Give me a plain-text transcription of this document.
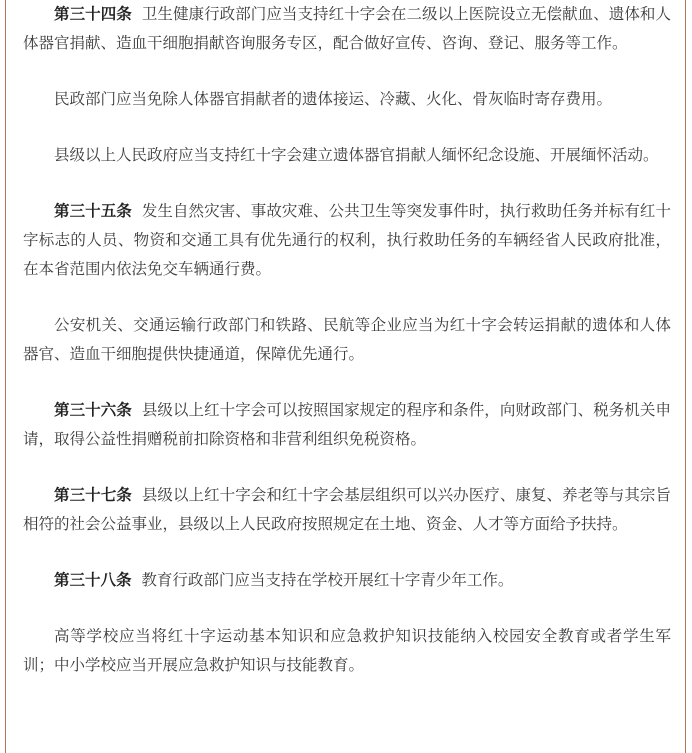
第三十四条 卫生健康行政部门应当支持红十字会在二级以上医院设立无偿献血、遗体和人体器官捐献、造血干细胞捐献咨询服务专区，配合做好宣传、咨询、登记、服务等工作。

民政部门应当免除人体器官捐献者的遗体接运、冷藏、火化、骨灰临时寄存费用。

县级以上人民政府应当支持红十字会建立遗体器官捐献人缅怀纪念设施、开展缅怀活动。

第三十五条 发生自然灾害、事故灾难、公共卫生等突发事件时，执行救助任务并标有红十字标志的人员、物资和交通工具有优先通行的权利，执行救助任务的车辆经省人民政府批准，在本省范围内依法免交车辆通行费。

公安机关、交通运输行政部门和铁路、民航等企业应当为红十字会转运捐献的遗体和人体器官、造血干细胞提供快捷通道，保障优先通行。

第三十六条 县级以上红十字会可以按照国家规定的程序和条件，向财政部门、税务机关申请，取得公益性捐赠税前扣除资格和非营利组织免税资格。

第三十七条 县级以上红十字会和红十字会基层组织可以兴办医疗、康复、养老等与其宗旨相符的社会公益事业，县级以上人民政府按照规定在土地、资金、人才等方面给予扶持。

第三十八条 教育行政部门应当支持在学校开展红十字青少年工作。

高等学校应当将红十字运动基本知识和应急救护知识技能纳入校园安全教育或者学生军训；中小学校应当开展应急救护知识与技能教育。
